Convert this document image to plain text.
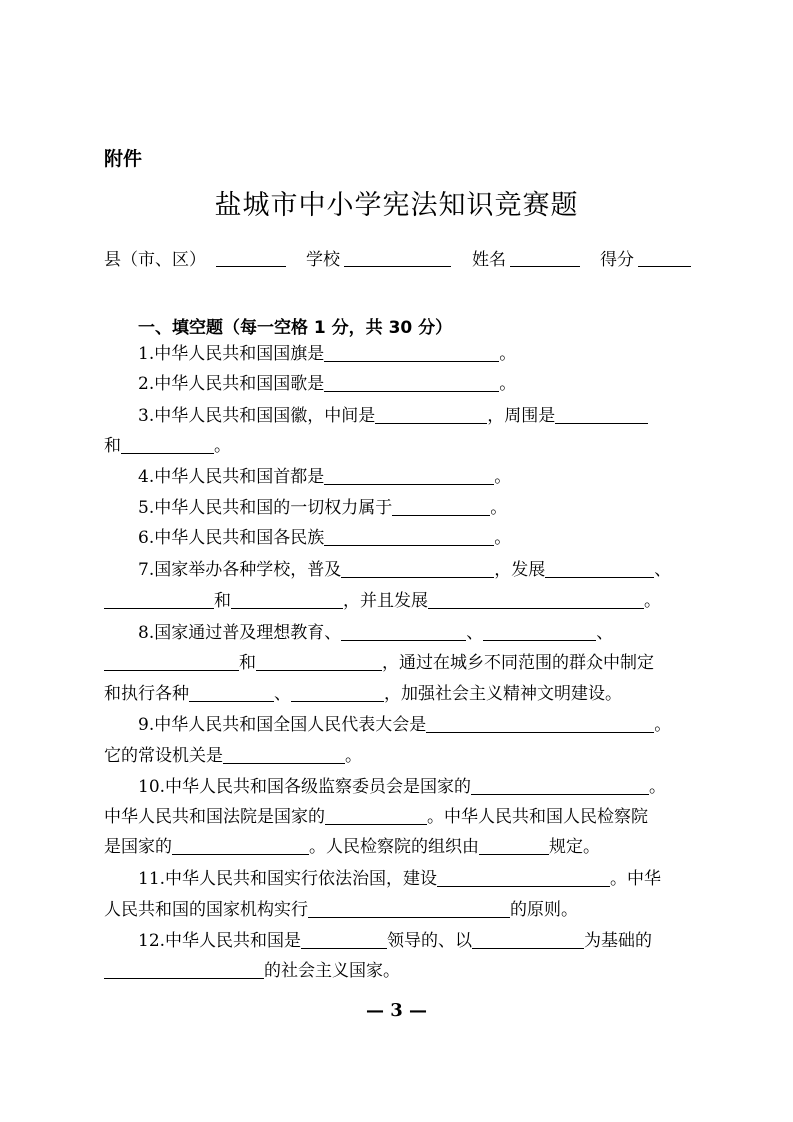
附件
盐城市中小学宪法知识竞赛题
县（市、区）	学校	姓名	得分
一、填空题（每一空格 1 分，共 30 分）
1.中华人民共和国国旗是	。
2.中华人民共和国国歌是	。
3.中华人民共和国国徽，中间是	，周围是
和	。
4.中华人民共和国首都是	。
5.中华人民共和国的一切权力属于	。
6.中华人民共和国各民族	。
7.国家举办各种学校，普及	，发展	、
和	，并且发展	。
8.国家通过普及理想教育、	、	、
和	，通过在城乡不同范围的群众中制定
和执行各种	、	，加强社会主义精神文明建设。
9.中华人民共和国全国人民代表大会是	。
它的常设机关是	。
10.中华人民共和国各级监察委员会是国家的	。
中华人民共和国法院是国家的	。中华人民共和国人民检察院
是国家的	。人民检察院的组织由	规定。
11.中华人民共和国实行依法治国，建设	。中华
人民共和国的国家机构实行	的原则。
12.中华人民共和国是	领导的、以	为基础的
的社会主义国家。
— 3 —
